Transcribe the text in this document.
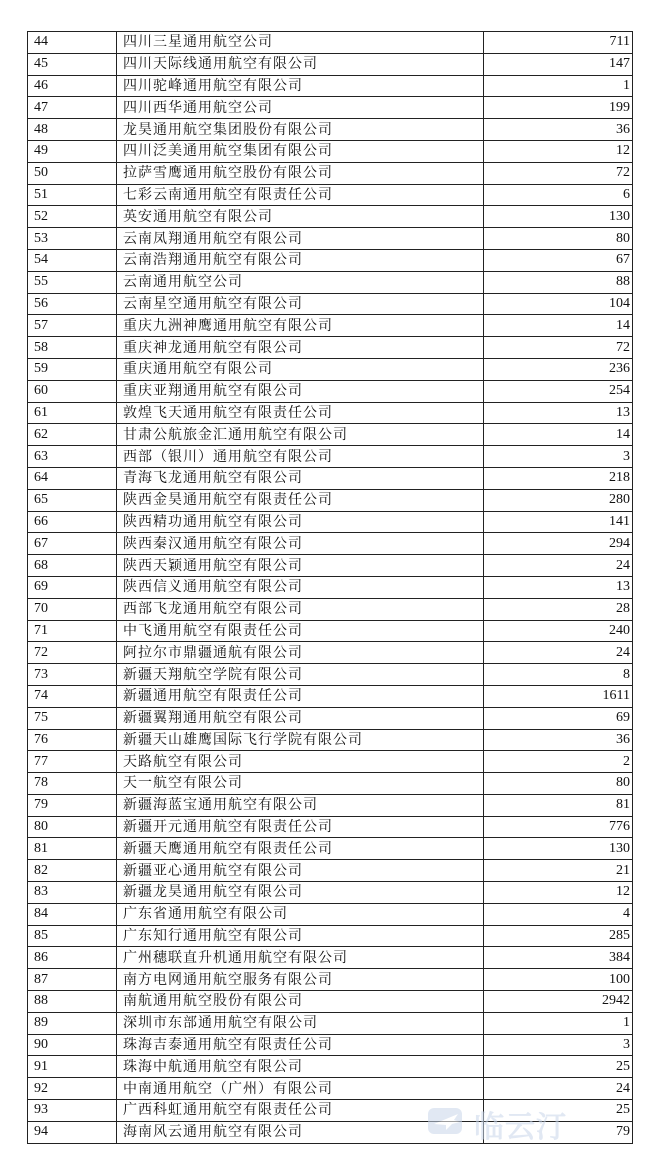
44	四川三星通用航空公司	711
45	四川天际线通用航空有限公司	147
46	四川驼峰通用航空有限公司	1
47	四川西华通用航空公司	199
48	龙昊通用航空集团股份有限公司	36
49	四川泛美通用航空集团有限公司	12
50	拉萨雪鹰通用航空股份有限公司	72
51	七彩云南通用航空有限责任公司	6
52	英安通用航空有限公司	130
53	云南凤翔通用航空有限公司	80
54	云南浩翔通用航空有限公司	67
55	云南通用航空公司	88
56	云南星空通用航空有限公司	104
57	重庆九洲神鹰通用航空有限公司	14
58	重庆神龙通用航空有限公司	72
59	重庆通用航空有限公司	236
60	重庆亚翔通用航空有限公司	254
61	敦煌飞天通用航空有限责任公司	13
62	甘肃公航旅金汇通用航空有限公司	14
63	西部（银川）通用航空有限公司	3
64	青海飞龙通用航空有限公司	218
65	陕西金昊通用航空有限责任公司	280
66	陕西精功通用航空有限公司	141
67	陕西秦汉通用航空有限公司	294
68	陕西天颖通用航空有限公司	24
69	陕西信义通用航空有限公司	13
70	西部飞龙通用航空有限公司	28
71	中飞通用航空有限责任公司	240
72	阿拉尔市鼎疆通航有限公司	24
73	新疆天翔航空学院有限公司	8
74	新疆通用航空有限责任公司	1611
75	新疆翼翔通用航空有限公司	69
76	新疆天山雄鹰国际飞行学院有限公司	36
77	天路航空有限公司	2
78	天一航空有限公司	80
79	新疆海蓝宝通用航空有限公司	81
80	新疆开元通用航空有限责任公司	776
81	新疆天鹰通用航空有限责任公司	130
82	新疆亚心通用航空有限公司	21
83	新疆龙昊通用航空有限公司	12
84	广东省通用航空有限公司	4
85	广东知行通用航空有限公司	285
86	广州穗联直升机通用航空有限公司	384
87	南方电网通用航空服务有限公司	100
88	南航通用航空股份有限公司	2942
89	深圳市东部通用航空有限公司	1
90	珠海吉泰通用航空有限责任公司	3
91	珠海中航通用航空有限公司	25
92	中南通用航空（广州）有限公司	24
93	广西科虹通用航空有限责任公司	25
94	海南风云通用航空有限公司	79
临云汀
